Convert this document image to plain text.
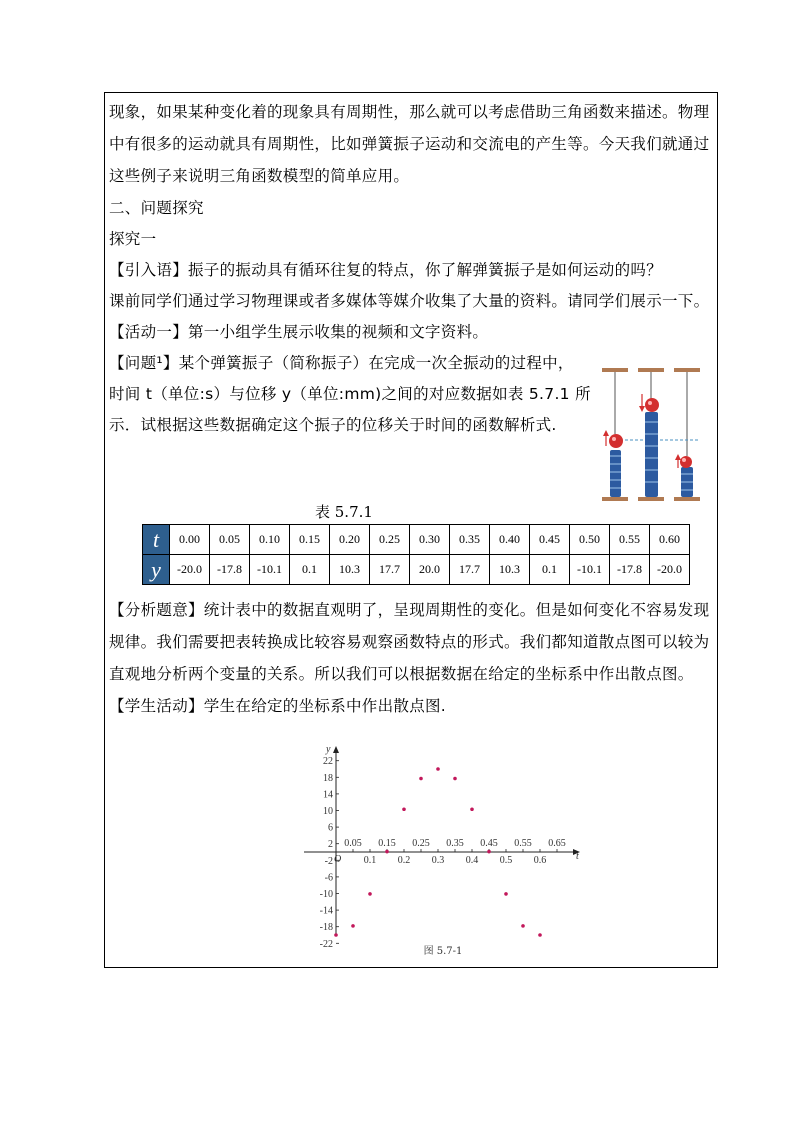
现象，如果某种变化着的现象具有周期性，那么就可以考虑借助三角函数来描述。物理
中有很多的运动就具有周期性，比如弹簧振子运动和交流电的产生等。今天我们就通过
这些例子来说明三角函数模型的简单应用。
二、问题探究
探究一
【引入语】振子的振动具有循环往复的特点，你了解弹簧振子是如何运动的吗？
课前同学们通过学习物理课或者多媒体等媒介收集了大量的资料。请同学们展示一下。
【活动一】第一小组学生展示收集的视频和文字资料。
【问题¹】某个弹簧振子（简称振子）在完成一次全振动的过程中，
时间 t（单位:s）与位移 y（单位:mm)之间的对应数据如表 5.7.1 所
示．试根据这些数据确定这个振子的位移关于时间的函数解析式.
表 5.7.1
t	0.00	0.05	0.10	0.15	0.20	0.25	0.30	0.35	0.40	0.45	0.50	0.55	0.60
y	-20.0	-17.8	-10.1	0.1	10.3	17.7	20.0	17.7	10.3	0.1	-10.1	-17.8	-20.0
【分析题意】统计表中的数据直观明了，呈现周期性的变化。但是如何变化不容易发现
规律。我们需要把表转换成比较容易观察函数特点的形式。我们都知道散点图可以较为
直观地分析两个变量的关系。所以我们可以根据数据在给定的坐标系中作出散点图。
【学生活动】学生在给定的坐标系中作出散点图.
t
y
O
22
18
14
10
6
2
-2
-6
-10
-14
-18
-22
0.1 0.2 0.3 0.4 0.5 0.6
0.05 0.15 0.25 0.35 0.45 0.55 0.65
图 5.7-1
